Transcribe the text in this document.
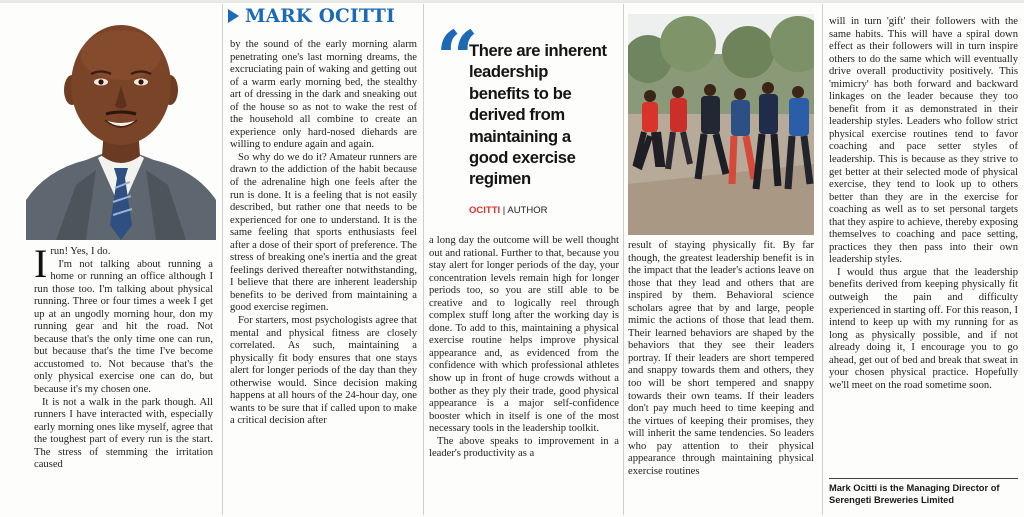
Irun! Yes, I do.

I'm not talking about running a home or running an office although I run those too. I'm talking about physical running. Three or four times a week I get up at an ungodly morning hour, don my running gear and hit the road. Not because that's the only time one can run, but because that's the time I've become accustomed to. Not because that's the only physical exercise one can do, but because it's my chosen one.

It is not a walk in the park though. All runners I have interacted with, especially early morning ones like myself, agree that the toughest part of every run is the start. The stress of stemming the irritation caused

MARK OCITTI

by the sound of the early morning alarm penetrating one's last morning dreams, the excruciating pain of waking and getting out of a warm early morning bed, the stealthy art of dressing in the dark and sneaking out of the house so as not to wake the rest of the household all combine to create an experience only hard-nosed diehards are willing to endure again and again.

So why do we do it? Amateur runners are drawn to the addiction of the habit because of the adrenaline high one feels after the run is done. It is a feeling that is not easily described, but rather one that needs to be experienced for one to understand. It is the same feeling that sports enthusiasts feel after a dose of their sport of preference. The stress of breaking one's inertia and the great feelings derived thereafter notwithstanding, I believe that there are inherent leadership benefits to be derived from maintaining a good exercise regimen.

For starters, most psychologists agree that mental and physical fitness are closely correlated. As such, maintaining a physically fit body ensures that one stays alert for longer periods of the day than they otherwise would. Since decision making happens at all hours of the 24-hour day, one wants to be sure that if called upon to make a critical decision after

“
There are inherent leadership benefits to be derived from maintaining a good exercise regimen
OCITTI | AUTHOR

a long day the outcome will be well thought out and rational. Further to that, because you stay alert for longer periods of the day, your concentration levels remain high for longer periods too, so you are still able to be creative and to logically reel through complex stuff long after the working day is done. To add to this, maintaining a physical exercise routine helps improve physical appearance and, as evidenced from the confidence with which professional athletes show up in front of huge crowds without a bother as they ply their trade, good physical appearance is a major self-confidence booster which in itself is one of the most necessary tools in the leadership toolkit.

The above speaks to improvement in a leader's productivity as a

result of staying physically fit. By far though, the greatest leadership benefit is in the impact that the leader's actions leave on those that they lead and others that are inspired by them. Behavioral science scholars agree that by and large, people mimic the actions of those that lead them. Their learned behaviors are shaped by the behaviors that they see their leaders portray. If their leaders are short tempered and snappy towards them and others, they too will be short tempered and snappy towards their own teams. If their leaders don't pay much heed to time keeping and the virtues of keeping their promises, they will inherit the same tendencies. So leaders who pay attention to their physical appearance through maintaining physical exercise routines

will in turn 'gift' their followers with the same habits. This will have a spiral down effect as their followers will in turn inspire others to do the same which will eventually drive overall productivity positively. This 'mimicry' has both forward and backward linkages on the leader because they too benefit from it as demonstrated in their leadership styles. Leaders who follow strict physical exercise routines tend to favor coaching and pace setter styles of leadership. This is because as they strive to get better at their selected mode of physical exercise, they tend to look up to others better than they are in the exercise for coaching as well as to set personal targets that they aspire to achieve, thereby exposing themselves to coaching and pace setting, practices they then pass into their own leadership styles.

I would thus argue that the leadership benefits derived from keeping physically fit outweigh the pain and difficulty experienced in starting off. For this reason, I intend to keep up with my running for as long as physically possible, and if not already doing it, I encourage you to go ahead, get out of bed and break that sweat in your chosen physical practice. Hopefully we'll meet on the road sometime soon.

Mark Ocitti is the Managing Director of Serengeti Breweries Limited
